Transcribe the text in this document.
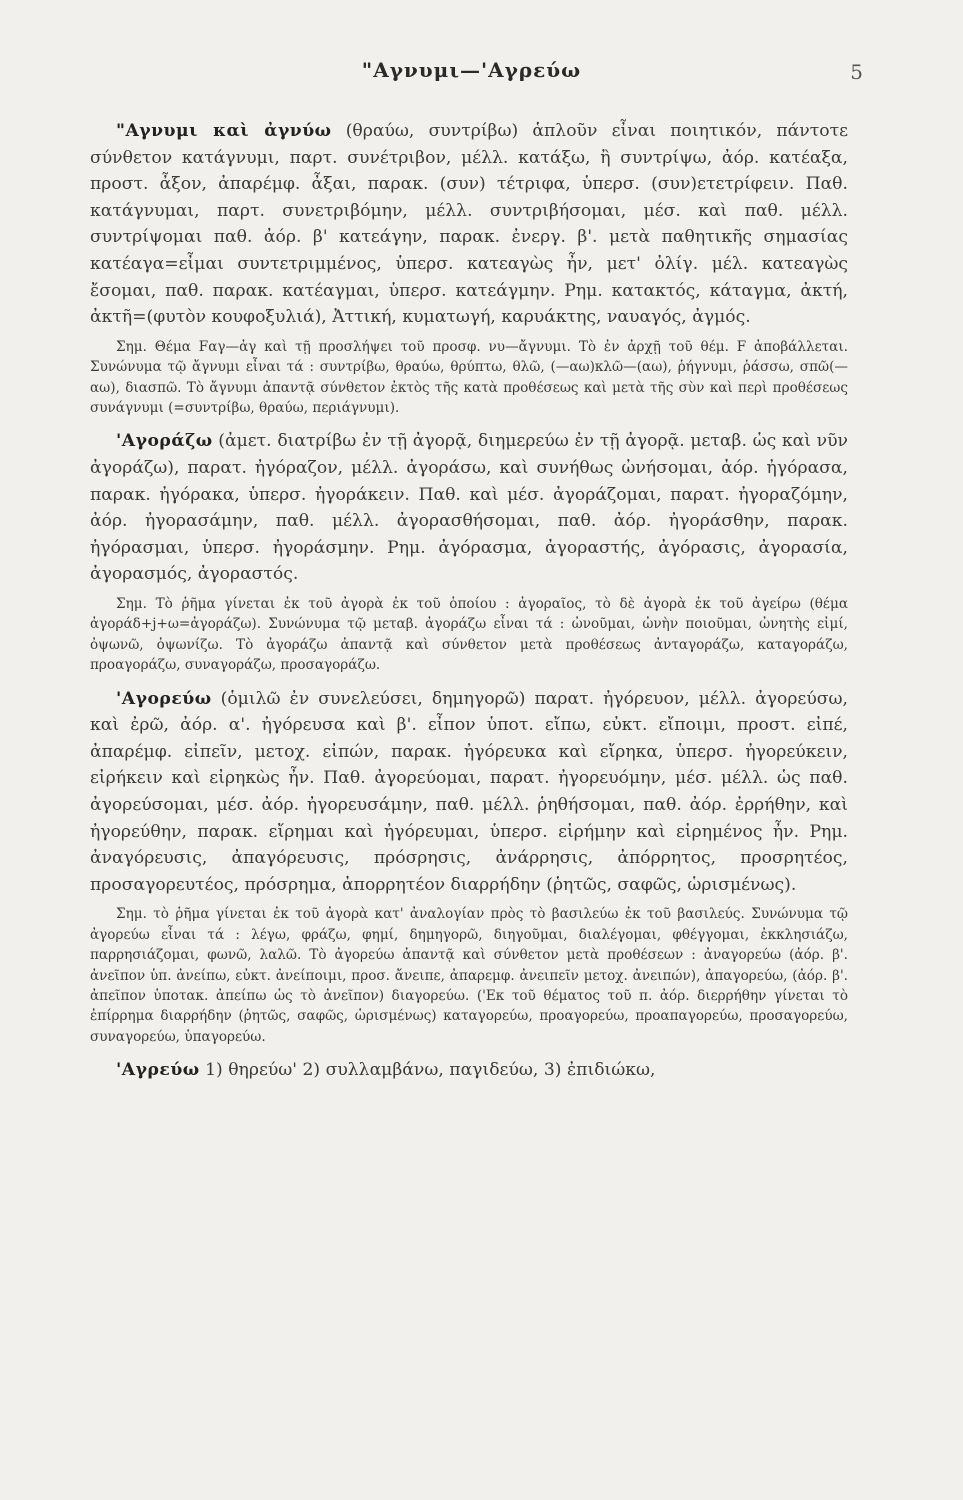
"Αγνυμι—'Αγρεύω	5

"Αγνυμι καὶ ἀγνύω (θραύω, συντρίβω) ἁπλοῦν εἶναι ποιητικόν, πάντοτε σύνθετον κατάγνυμι, παρτ. συνέτριβον, μέλλ. κατάξω, ἢ συντρίψω, ἀόρ. κατέαξα, προστ. ἆξον, ἀπαρέμφ. ἆξαι, παρακ. (συν) τέτριφα, ὑπερσ. (συν)ετετρίφειν. Παθ. κατάγνυμαι, παρτ. συνετριβόμην, μέλλ. συντριβήσομαι, μέσ. καὶ παθ. μέλλ. συντρίψομαι παθ. ἀόρ. β' κατεάγην, παρακ. ἐνεργ. β'. μετὰ παθητικῆς σημασίας κατέαγα=εἶμαι συντετριμμένος, ὑπερσ. κατεαγὼς ἦν, μετ' ὀλίγ. μέλ. κατεαγὼς ἔσομαι, παθ. παρακ. κατέαγμαι, ὑπερσ. κατεάγμην. Ρημ. κατακτός, κάταγμα, ἀκτή, ἀκτῆ=(φυτὸν κουφοξυλιά), Ἀττική, κυματωγή, καρυάκτης, ναυαγός, ἀγμός.

Σημ. Θέμα Fαγ—ἀγ καὶ τῇ προσλήψει τοῦ προσφ. νυ—ἄγνυμι. Τὸ ἐν ἀρχῇ τοῦ θέμ. F ἀποβάλλεται. Συνώνυμα τῷ ἄγνυμι εἶναι τά : συντρίβω, θραύω, θρύπτω, θλῶ, (—αω)κλῶ—(αω), ῥήγνυμι, ῥάσσω, σπῶ(—αω), διασπῶ. Τὸ ἄγνυμι ἀπαντᾷ σύνθετον ἐκτὸς τῆς κατὰ προθέσεως καὶ μετὰ τῆς σὺν καὶ περὶ προθέσεως συνάγνυμι (=συντρίβω, θραύω, περιάγνυμι).

'Αγοράζω (ἀμετ. διατρίβω ἐν τῇ ἀγορᾷ, διημερεύω ἐν τῇ ἀγορᾷ. μεταβ. ὡς καὶ νῦν ἀγοράζω), παρατ. ἠγόραζον, μέλλ. ἀγοράσω, καὶ συνήθως ὠνήσομαι, ἀόρ. ἠγόρασα, παρακ. ἠγόρακα, ὑπερσ. ἠγοράκειν. Παθ. καὶ μέσ. ἀγοράζομαι, παρατ. ἠγοραζόμην, ἀόρ. ἠγορασάμην, παθ. μέλλ. ἀγορασθήσομαι, παθ. ἀόρ. ἠγοράσθην, παρακ. ἠγόρασμαι, ὑπερσ. ἠγοράσμην. Ρημ. ἀγόρασμα, ἀγοραστής, ἀγόρασις, ἀγορασία, ἀγορασμός, ἀγοραστός.

Σημ. Τὸ ῥῆμα γίνεται ἐκ τοῦ ἀγορὰ ἐκ τοῦ ὁποίου : ἀγοραῖος, τὸ δὲ ἀγορὰ ἐκ τοῦ ἀγείρω (θέμα ἀγοράδ+j+ω=ἀγοράζω). Συνώνυμα τῷ μεταβ. ἀγοράζω εἶναι τά : ὠνοῦμαι, ὠνὴν ποιοῦμαι, ὠνητὴς εἰμί, ὀψωνῶ, ὀψωνίζω. Τὸ ἀγοράζω ἀπαντᾷ καὶ σύνθετον μετὰ προθέσεως ἀνταγοράζω, καταγοράζω, προαγοράζω, συναγοράζω, προσαγοράζω.

'Αγορεύω (ὁμιλῶ ἐν συνελεύσει, δημηγορῶ) παρατ. ἠγόρευον, μέλλ. ἀγορεύσω, καὶ ἐρῶ, ἀόρ. α'. ἠγόρευσα καὶ β'. εἶπον ὑποτ. εἴπω, εὐκτ. εἴποιμι, προστ. εἰπέ, ἀπαρέμφ. εἰπεῖν, μετοχ. εἰπών, παρακ. ἠγόρευκα καὶ εἴρηκα, ὑπερσ. ἠγορεύκειν, εἰρήκειν καὶ εἰρηκὼς ἦν. Παθ. ἀγορεύομαι, παρατ. ἠγορευόμην, μέσ. μέλλ. ὡς παθ. ἀγορεύσομαι, μέσ. ἀόρ. ἠγορευσάμην, παθ. μέλλ. ῥηθήσομαι, παθ. ἀόρ. ἐρρήθην, καὶ ἠγορεύθην, παρακ. εἴρημαι καὶ ἠγόρευμαι, ὑπερσ. εἰρήμην καὶ εἰρημένος ἦν. Ρημ. ἀναγόρευσις, ἀπαγόρευσις, πρόσρησις, ἀνάρρησις, ἀπόρρητος, προσρητέος, προσαγορευτέος, πρόσρημα, ἀπορρητέον διαρρήδην (ῥητῶς, σαφῶς, ὡρισμένως).

Σημ. τὸ ῥῆμα γίνεται ἐκ τοῦ ἀγορὰ κατ' ἀναλογίαν πρὸς τὸ βασιλεύω ἐκ τοῦ βασιλεύς. Συνώνυμα τῷ ἀγορεύω εἶναι τά : λέγω, φράζω, φημί, δημηγορῶ, διηγοῦμαι, διαλέγομαι, φθέγγομαι, ἐκκλησιάζω, παρρησιάζομαι, φωνῶ, λαλῶ. Τὸ ἀγορεύω ἀπαντᾷ καὶ σύνθετον μετὰ προθέσεων : ἀναγορεύω (ἀόρ. β'. ἀνεῖπον ὑπ. ἀνείπω, εὐκτ. ἀνείποιμι, προσ. ἄνειπε, ἀπαρεμφ. ἀνειπεῖν μετοχ. ἀνειπών), ἀπαγορεύω, (ἀόρ. β'. ἀπεῖπον ὑποτακ. ἀπείπω ὡς τὸ ἀνεῖπον) διαγορεύω. ('Εκ τοῦ θέματος τοῦ π. ἀόρ. διερρήθην γίνεται τὸ ἐπίρρημα διαρρήδην (ῥητῶς, σαφῶς, ὡρισμένως) καταγορεύω, προαγορεύω, προαπαγορεύω, προσαγορεύω, συναγορεύω, ὑπαγορεύω.

'Αγρεύω 1) θηρεύω' 2) συλλαμβάνω, παγιδεύω, 3) ἐπιδιώκω,
